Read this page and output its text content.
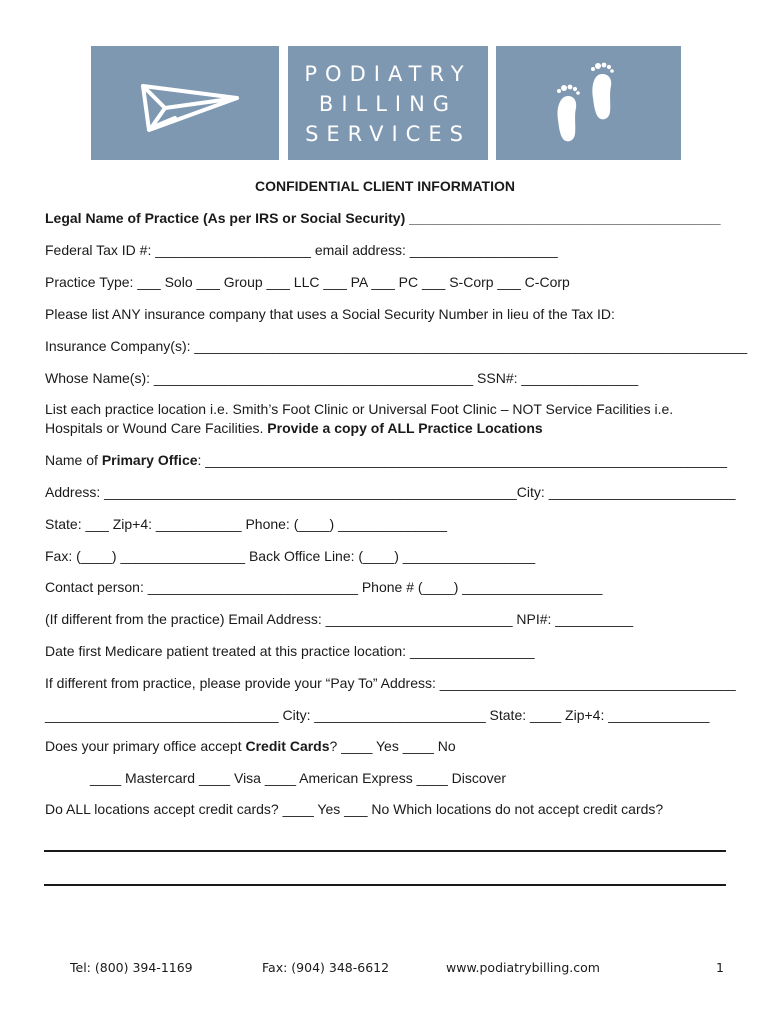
PODIATRY
BILLING
SERVICES
CONFIDENTIAL CLIENT INFORMATION
Legal Name of Practice (As per IRS or Social Security) ________________________________________
Federal Tax ID #: ____________________ email address: ___________________
Practice Type: ___ Solo ___ Group ___ LLC ___ PA ___ PC ___ S-Corp ___ C-Corp
Please list ANY insurance company that uses a Social Security Number in lieu of the Tax ID:
Insurance Company(s): _______________________________________________________________________
Whose Name(s): _________________________________________ SSN#: _______________
List each practice location i.e. Smith’s Foot Clinic or Universal Foot Clinic – NOT Service Facilities i.e.
Hospitals or Wound Care Facilities. Provide a copy of ALL Practice Locations
Name of Primary Office: ___________________________________________________________________
Address: _____________________________________________________City: ________________________
State: ___ Zip+4: ___________ Phone: (____) ______________
Fax: (____) ________________ Back Office Line: (____) _________________
Contact person: ___________________________ Phone # (____) __________________
(If different from the practice) Email Address: ________________________ NPI#: __________
Date first Medicare patient treated at this practice location: ________________
If different from practice, please provide your “Pay To” Address: ______________________________________
______________________________ City: ______________________ State: ____ Zip+4: _____________
Does your primary office accept Credit Cards? ____ Yes ____ No
____ Mastercard ____ Visa ____ American Express ____ Discover
Do ALL locations accept credit cards? ____ Yes ___ No Which locations do not accept credit cards?
Tel: (800) 394-1169	Fax: (904) 348-6612	www.podiatrybilling.com	1
